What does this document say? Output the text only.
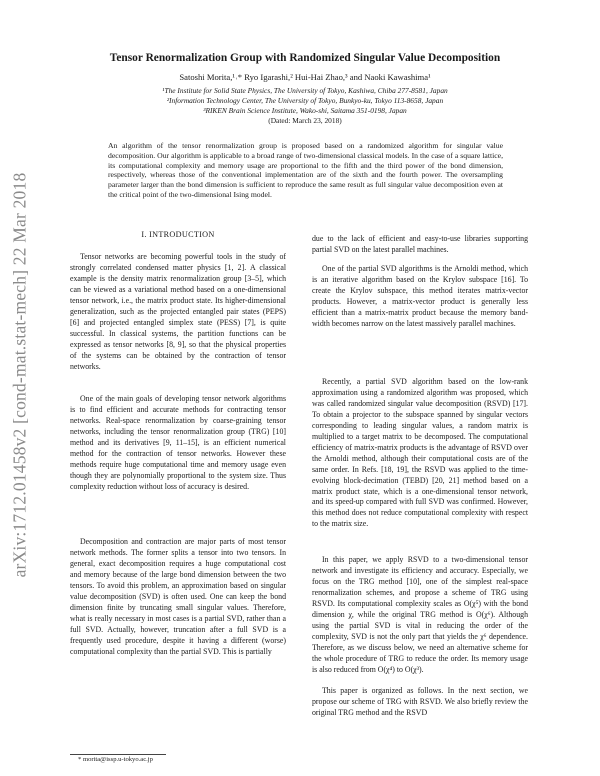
arXiv:1712.01458v2 [cond-mat.stat-mech] 22 Mar 2018
Tensor Renormalization Group with Randomized Singular Value Decomposition
Satoshi Morita,¹˒* Ryo Igarashi,² Hui-Hai Zhao,³ and Naoki Kawashima¹
¹The Institute for Solid State Physics, The University of Tokyo, Kashiwa, Chiba 277-8581, Japan
²Information Technology Center, The University of Tokyo, Bunkyo-ku, Tokyo 113-8658, Japan
³RIKEN Brain Science Institute, Wako-shi, Saitama 351-0198, Japan
(Dated: March 23, 2018)
An algorithm of the tensor renormalization group is proposed based on a randomized algorithm for singular value decomposition. Our algorithm is applicable to a broad range of two-dimensional classical models. In the case of a square lattice, its computational complexity and memory usage are proportional to the fifth and the third power of the bond dimension, respectively, whereas those of the conventional implementation are of the sixth and the fourth power. The oversampling parameter larger than the bond dimension is sufficient to reproduce the same result as full singular value decomposition even at the critical point of the two-dimensional Ising model.
I. INTRODUCTION

Tensor networks are becoming powerful tools in the study of strongly correlated condensed matter physics [1, 2]. A classical example is the density matrix renormalization group [3–5], which can be viewed as a variational method based on a one-dimensional tensor network, i.e., the matrix product state. Its higher-dimensional generalization, such as the projected entangled pair states (PEPS) [6] and projected entangled simplex state (PESS) [7], is quite successful. In classical systems, the partition functions can be expressed as tensor networks [8, 9], so that the physical properties of the systems can be obtained by the contraction of tensor networks.

One of the main goals of developing tensor network algorithms is to find efficient and accurate methods for contracting tensor networks. Real-space renormalization by coarse-graining tensor networks, including the tensor renormalization group (TRG) [10] method and its derivatives [9, 11–15], is an efficient numerical method for the contraction of tensor networks. However these methods require huge computational time and memory usage even though they are polynomially proportional to the system size. Thus complexity reduction without loss of accuracy is desired.

Decomposition and contraction are major parts of most tensor network methods. The former splits a tensor into two tensors. In general, exact decomposition requires a huge computational cost and memory because of the large bond dimension between the two tensors. To avoid this problem, an approximation based on singular value decomposition (SVD) is often used. One can keep the bond dimension finite by truncating small singular values. Therefore, what is really necessary in most cases is a partial SVD, rather than a full SVD. Actually, however, truncation after a full SVD is a frequently used procedure, despite it having a different (worse) computational complexity than the partial SVD. This is partially

due to the lack of efficient and easy-to-use libraries supporting partial SVD on the latest parallel machines.

One of the partial SVD algorithms is the Arnoldi method, which is an iterative algorithm based on the Krylov subspace [16]. To create the Krylov subspace, this method iterates matrix-vector products. However, a matrix-vector product is generally less efficient than a matrix-matrix product because the memory band-width becomes narrow on the latest massively parallel machines.

Recently, a partial SVD algorithm based on the low-rank approximation using a randomized algorithm was proposed, which was called randomized singular value decomposition (RSVD) [17]. To obtain a projector to the subspace spanned by singular vectors corresponding to leading singular values, a random matrix is multiplied to a target matrix to be decomposed. The computational efficiency of matrix-matrix products is the advantage of RSVD over the Arnoldi method, although their computational costs are of the same order. In Refs. [18, 19], the RSVD was applied to the time-evolving block-decimation (TEBD) [20, 21] method based on a matrix product state, which is a one-dimensional tensor network, and its speed-up compared with full SVD was confirmed. However, this method does not reduce computational complexity with respect to the matrix size.

In this paper, we apply RSVD to a two-dimensional tensor network and investigate its efficiency and accuracy. Especially, we focus on the TRG method [10], one of the simplest real-space renormalization schemes, and propose a scheme of TRG using RSVD. Its computational complexity scales as O(χ⁵) with the bond dimension χ, while the original TRG method is O(χ⁶). Although using the partial SVD is vital in reducing the order of the complexity, SVD is not the only part that yields the χ⁶ dependence. Therefore, as we discuss below, we need an alternative scheme for the whole procedure of TRG to reduce the order. Its memory usage is also reduced from O(χ⁴) to O(χ³).

This paper is organized as follows. In the next section, we propose our scheme of TRG with RSVD. We also briefly review the original TRG method and the RSVD

* morita@issp.u-tokyo.ac.jp
